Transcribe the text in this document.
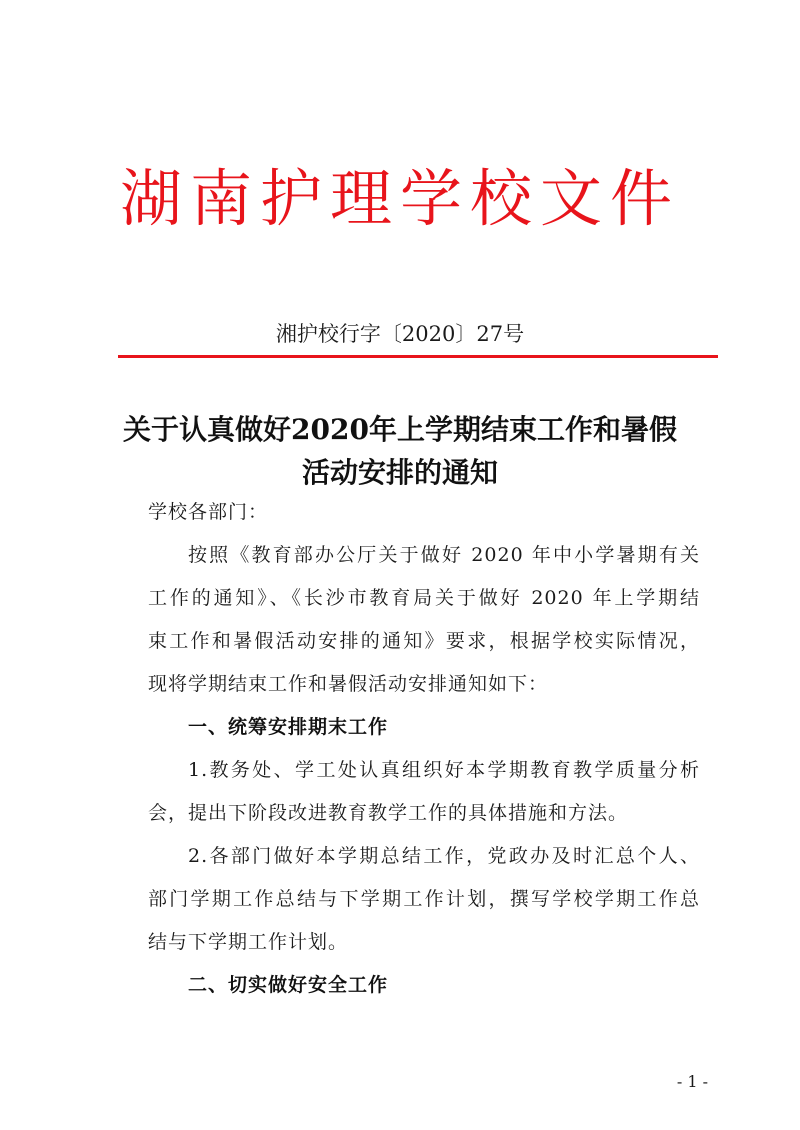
湖南护理学校文件
湘护校行字〔2020〕27号
关于认真做好2020年上学期结束工作和暑假
活动安排的通知
学校各部门：
按照《教育部办公厅关于做好 2020 年中小学暑期有关
工作的通知》、《长沙市教育局关于做好 2020 年上学期结
束工作和暑假活动安排的通知》要求，根据学校实际情况，
现将学期结束工作和暑假活动安排通知如下：
一、统筹安排期末工作
1.教务处、学工处认真组织好本学期教育教学质量分析
会，提出下阶段改进教育教学工作的具体措施和方法。
2.各部门做好本学期总结工作，党政办及时汇总个人、
部门学期工作总结与下学期工作计划，撰写学校学期工作总
结与下学期工作计划。
二、切实做好安全工作
- 1 -
